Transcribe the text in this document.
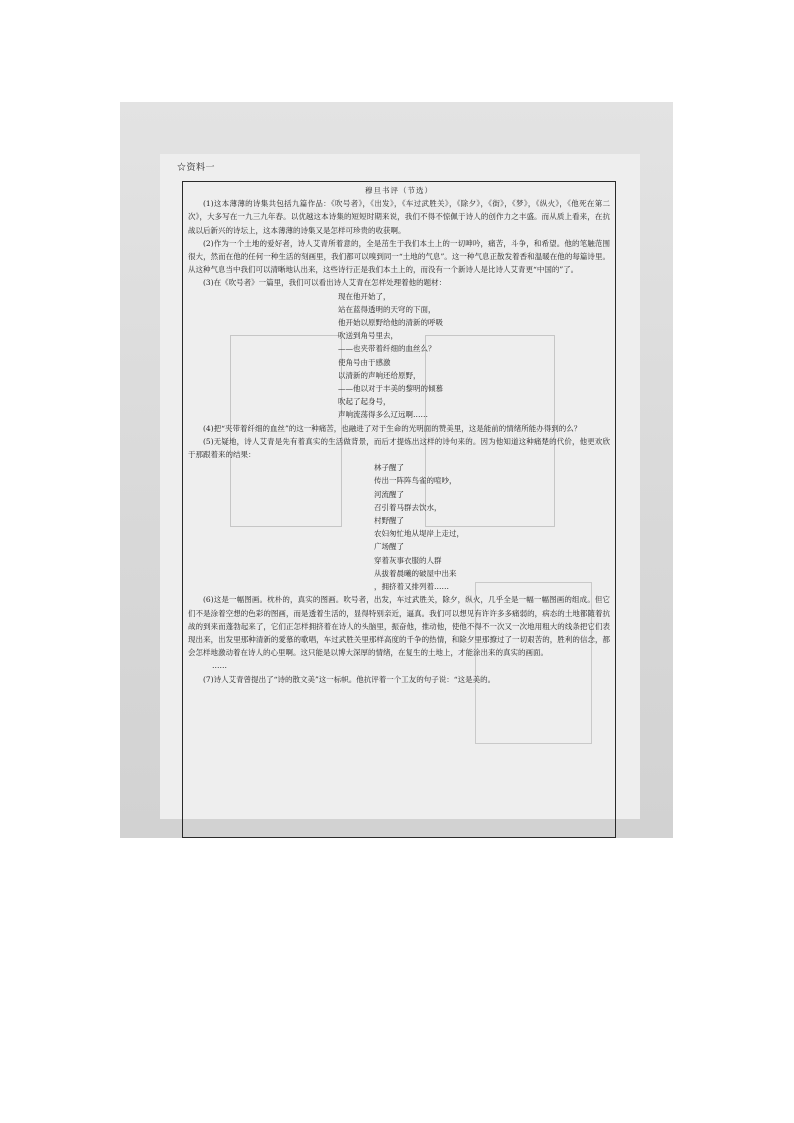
☆资料一
穆旦书评（节选）

(1)这本薄薄的诗集共包括九篇作品：《吹号者》，《出发》，《车过武胜关》，《除夕》，《街》，《梦》，《纵火》，《他死在第二次》，大多写在一九三九年春。以优越这本诗集的短短时期来说，我们不得不惊佩于诗人的创作力之丰盛。而从质上看来，在抗战以后新兴的诗坛上，这本薄薄的诗集又是怎样可珍贵的收获啊。

(2)作为一个土地的爱好者，诗人艾青所着意的，全是茁生于我们本土上的一切呻吟，痛苦，斗争，和希望。他的笔触范围很大，然而在他的任何一种生活的刻画里，我们都可以嗅到同一“土地的气息”。这一种气息正散发着香和温暖在他的每篇诗里。从这种气息当中我们可以清晰地认出来，这些诗行正是我们本土上的，而没有一个新诗人是比诗人艾青更“中国的”了。

(3)在《吹号者》一篇里，我们可以看出诗人艾青在怎样处理着他的题材：

现在他开始了，
站在蓝得透明的天穹的下面，
他开始以原野给他的清新的呼吸
吹送到角号里去，
——也夹带着纤细的血丝么？
使角号由于感激
以清新的声响还给原野，
——他以对于丰美的黎明的倾慕
吹起了起身号，
声响流荡得多么辽远啊……

(4)把“夹带着纤细的血丝”的这一种痛苦，也融进了对于生命的光明面的赞美里，这是能前的情绪所能办得到的么？

(5)无疑地，诗人艾青是先有着真实的生活做背景，而后才提炼出这样的诗句来的。因为他知道这种痛楚的代价，他更欢欣于那跟着来的结果：

林子醒了
传出一阵阵鸟雀的喧吵，
河流醒了
召引着马群去饮水，
村野醒了
农妇匆忙地从堤岸上走过，
广场醒了
穿着灰事衣服的人群
从拔着晨曦的破屋中出来
，拥挤着又排列着……

(6)这是一幅图画。枕朴的，真实的图画。吹号者，出发，车过武胜关，除夕，纵火，几乎全是一幅一幅图画的组成。但它们不是涂着空想的色彩的图画，而是透着生活的，显得特别亲近，逼真。我们可以想见有许许多多痛弱的，病态的土地都随着抗战的到来而蓬勃起来了，它们正怎样拥挤着在诗人的头脑里，振奋他，推动他，使他不得不一次又一次地用粗大的线条把它们表现出来，出发里那种清新的愛慕的歌唱，车过武胜关里那样高度的千争的热情，和除夕里那撩过了一切艰苦的，胜利的信念，都会怎样地激动着在诗人的心里啊。这只能是以博大深厚的情绪，在复生的土地上，才能涂出来的真实的画面。

……

(7)诗人艾青曾提出了“诗的散文美”这一标帜。他抗评着一个工友的句子说：“这是美的。
